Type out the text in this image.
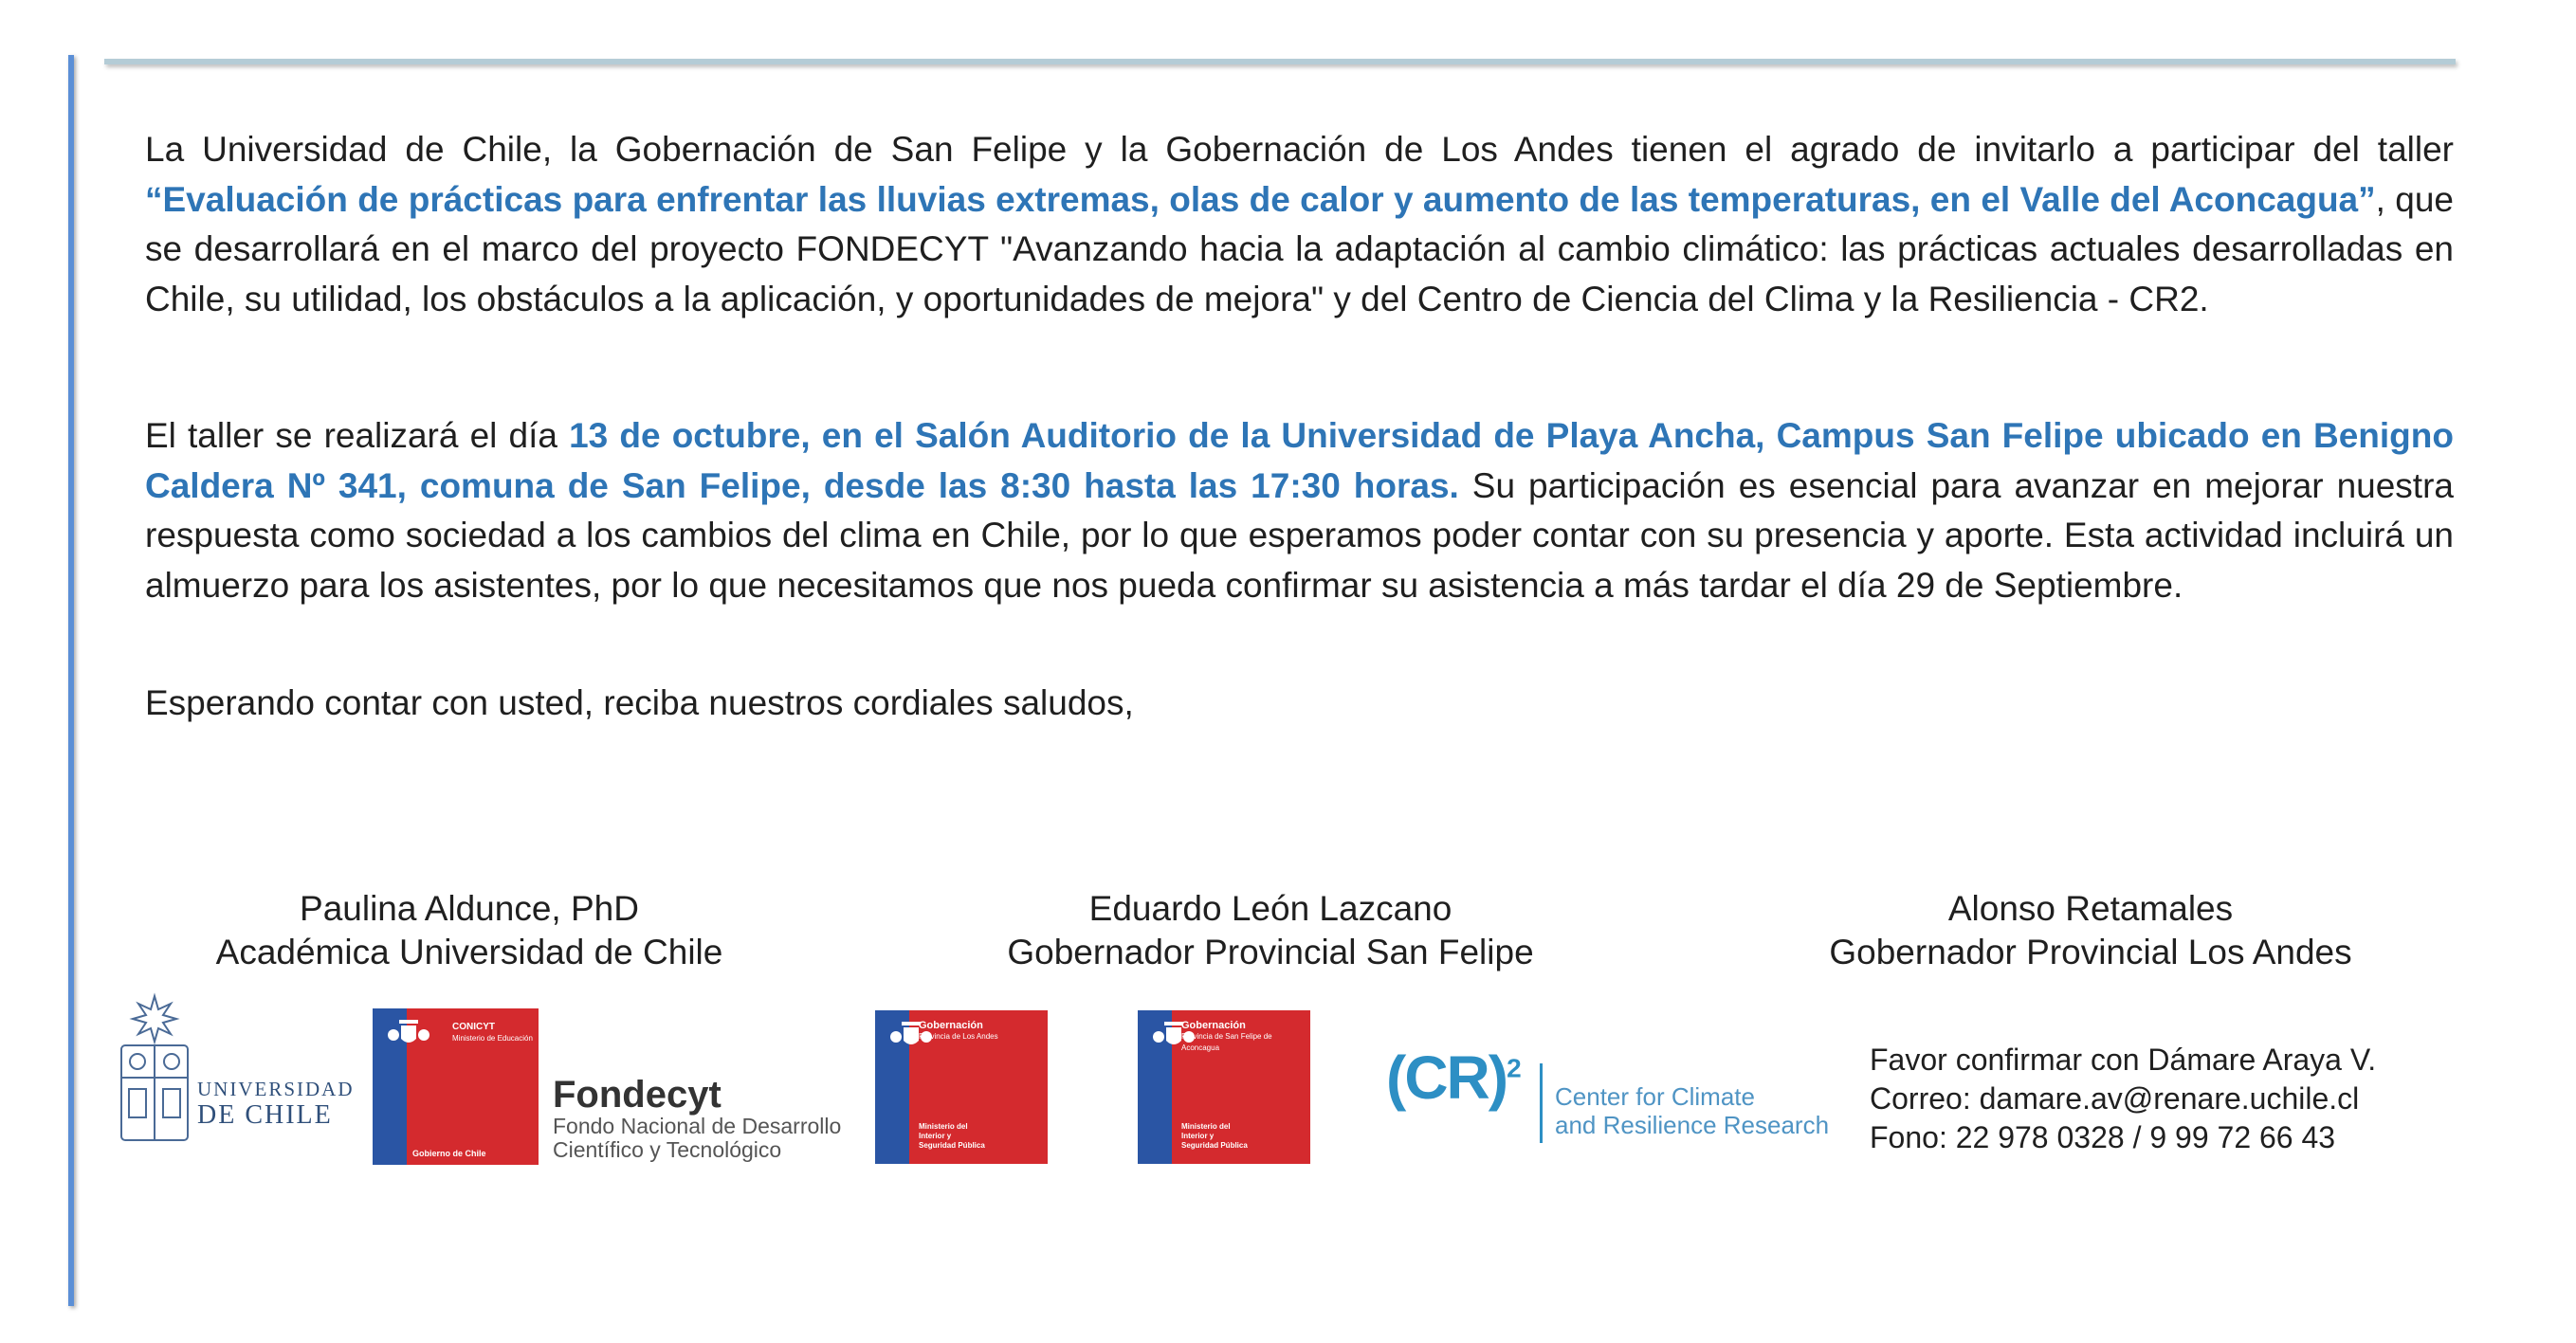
La Universidad de Chile, la Gobernación de San Felipe y la Gobernación de Los Andes tienen el agrado de invitarlo a participar del taller “Evaluación de prácticas para enfrentar las lluvias extremas, olas de calor y aumento de las temperaturas, en el Valle del Aconcagua”, que se desarrollará en el marco del proyecto FONDECYT "Avanzando hacia la adaptación al cambio climático: las prácticas actuales desarrolladas en Chile, su utilidad, los obstáculos a la aplicación, y oportunidades de mejora" y del Centro de Ciencia del Clima y la Resiliencia - CR2.

El taller se realizará el día 13 de octubre, en el Salón Auditorio de la Universidad de Playa Ancha, Campus San Felipe ubicado en Benigno Caldera Nº 341, comuna de San Felipe, desde las 8:30 hasta las 17:30 horas. Su participación es esencial para avanzar en mejorar nuestra respuesta como sociedad a los cambios del clima en Chile, por lo que esperamos poder contar con su presencia y aporte. Esta actividad incluirá un almuerzo para los asistentes, por lo que necesitamos que nos pueda confirmar su asistencia a más tardar el día 29 de Septiembre.

Esperando contar con usted, reciba nuestros cordiales saludos,

Paulina Aldunce, PhD
Académica Universidad de Chile
Eduardo León Lazcano
Gobernador Provincial San Felipe
Alonso Retamales
Gobernador Provincial Los Andes
UNIVERSIDAD
DE CHILE
CONICYT
Ministerio de Educación
Gobierno de Chile
Fondecyt
Fondo Nacional de Desarrollo
Científico y Tecnológico
Gobernación
Provincia de Los Andes
Ministerio del
Interior y
Seguridad Pública
Gobernación
Provincia de San Felipe de Aconcagua
Ministerio del
Interior y
Seguridad Pública
(CR)$^2$
Center for Climate
and Resilience Research
Favor confirmar con Dámare Araya V.
Correo: damare.av@renare.uchile.cl
Fono: 22 978 0328 / 9 99 72 66 43
